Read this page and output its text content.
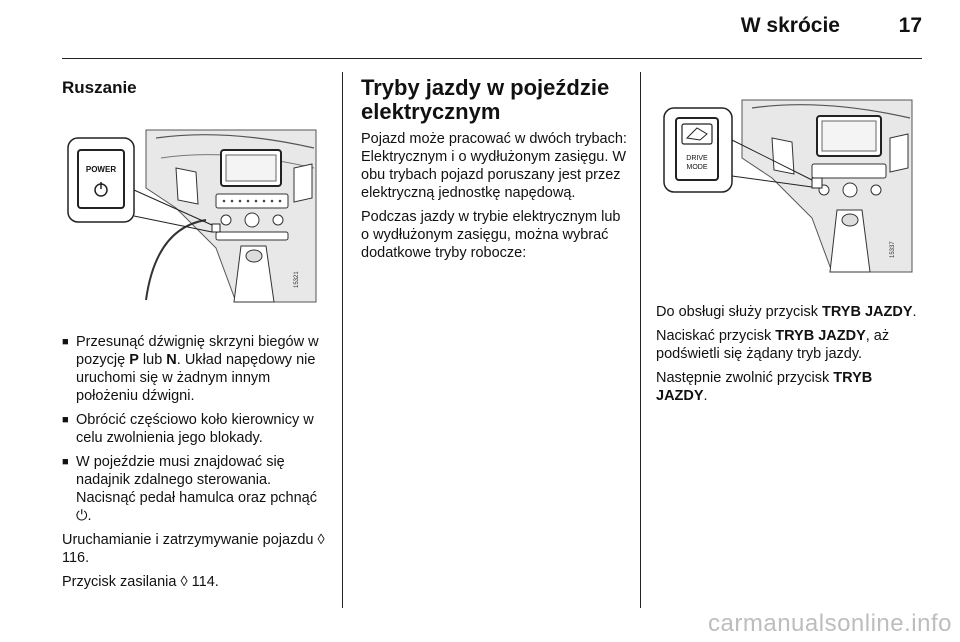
W skrócie	17
Ruszanie
POWER
15321
■ Przesunąć dźwignię skrzyni biegów w pozycję P lub N. Układ napędowy nie uruchomi się w żadnym innym położeniu dźwigni.
■ Obrócić częściowo koło kierownicy w celu zwolnienia jego blokady.
■ W pojeździe musi znajdować się nadajnik zdalnego sterowania. Nacisnąć pedał hamulca oraz pchnąć ⏻.

Uruchamianie i zatrzymywanie pojazdu ◊ 116.

Przycisk zasilania ◊ 114.

Tryby jazdy w pojeździe elektrycznym

Pojazd może pracować w dwóch trybach: Elektrycznym i o wydłużonym zasięgu. W obu trybach pojazd poruszany jest przez elektryczną jednostkę napędową.

Podczas jazdy w trybie elektrycznym lub o wydłużonym zasięgu, można wybrać dodatkowe tryby robocze:

DRIVE
MODE
15337

Do obsługi służy przycisk TRYB JAZDY.

Naciskać przycisk TRYB JAZDY, aż podświetli się żądany tryb jazdy.

Następnie zwolnić przycisk TRYB JAZDY.

carmanualsonline.info
